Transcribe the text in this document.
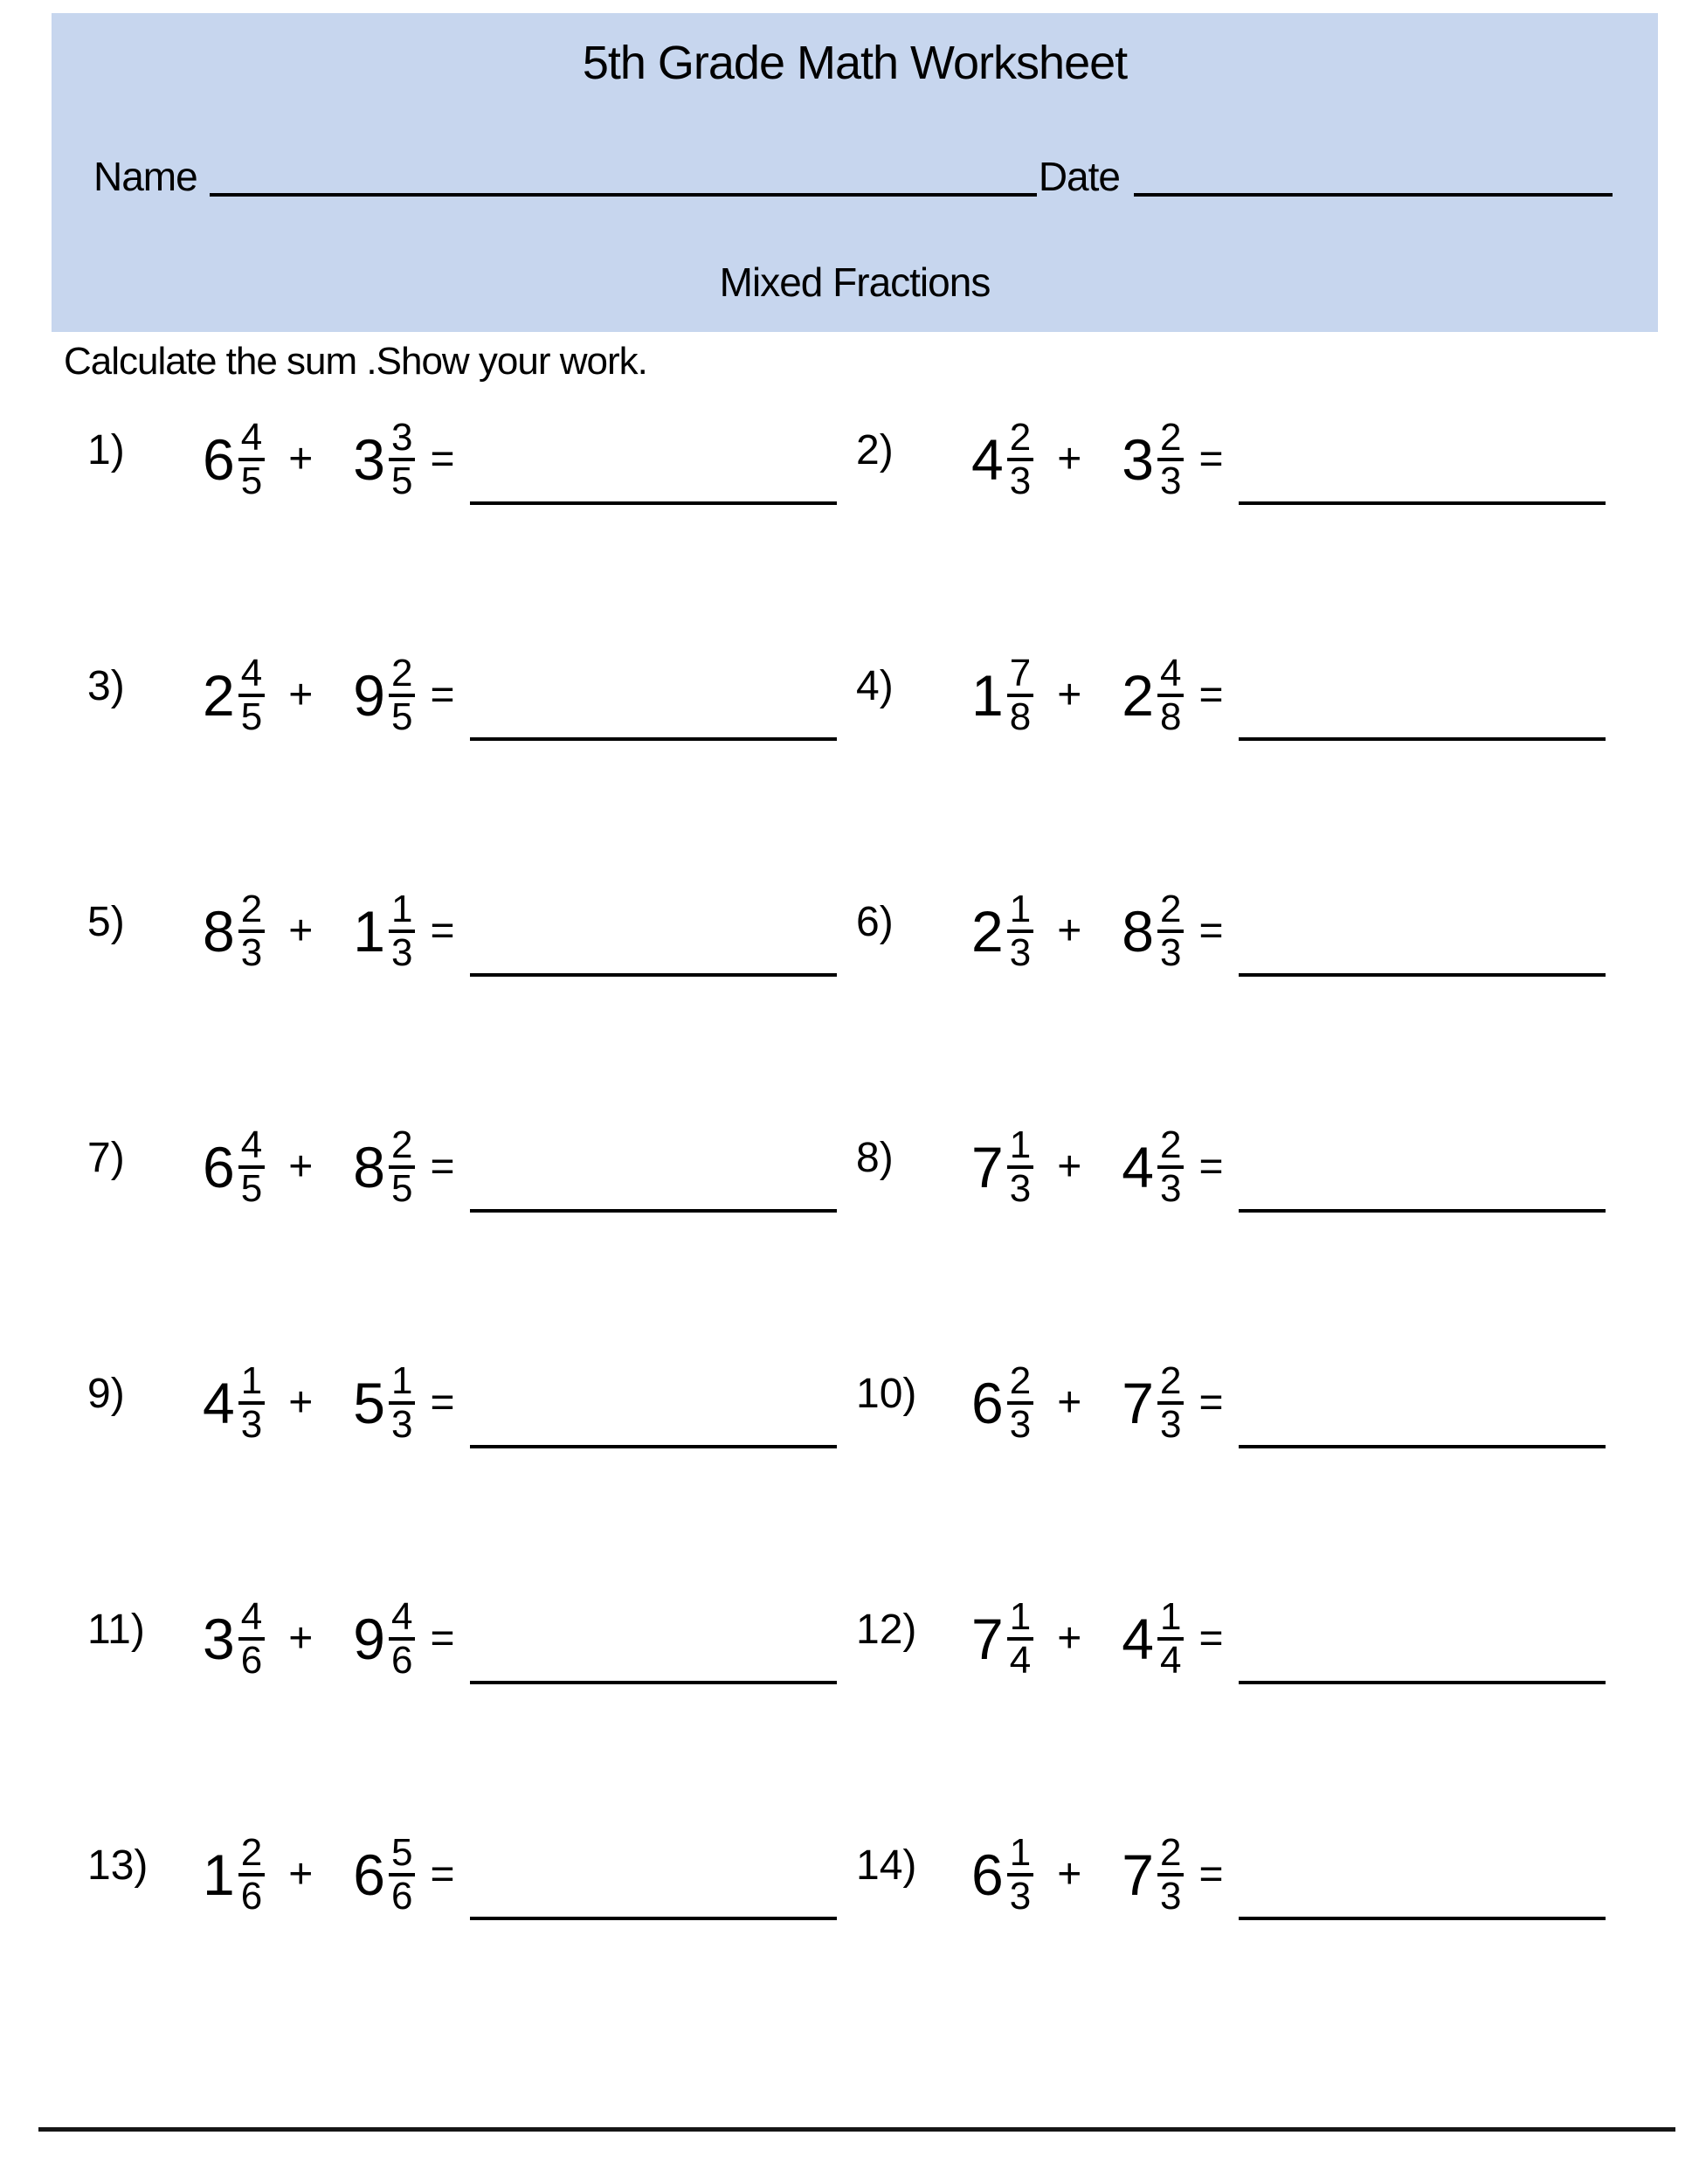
5th Grade Math Worksheet
Name	Date
Mixed Fractions
Calculate the sum .Show your work.
1)	$6 \frac{4}{5} + 3 \frac{3}{5}$ =	2)	$4 \frac{2}{3} + 3 \frac{2}{3}$ =
3)	$2 \frac{4}{5} + 9 \frac{2}{5}$ =	4)	$1 \frac{7}{8} + 2 \frac{4}{8}$ =
5)	$8 \frac{2}{3} + 1 \frac{1}{3}$ =	6)	$2 \frac{1}{3} + 8 \frac{2}{3}$ =
7)	$6 \frac{4}{5} + 8 \frac{2}{5}$ =	8)	$7 \frac{1}{3} + 4 \frac{2}{3}$ =
9)	$4 \frac{1}{3} + 5 \frac{1}{3}$ =	10) $6 \frac{2}{3} + 7 \frac{2}{3}$ =
11)	$3 \frac{4}{6} + 9 \frac{4}{6}$ =	12) $7 \frac{1}{4} + 4 \frac{1}{4}$ =
13) $1 \frac{2}{6} + 6 \frac{5}{6}$ =	14) $6 \frac{1}{3} + 7 \frac{2}{3}$ =
